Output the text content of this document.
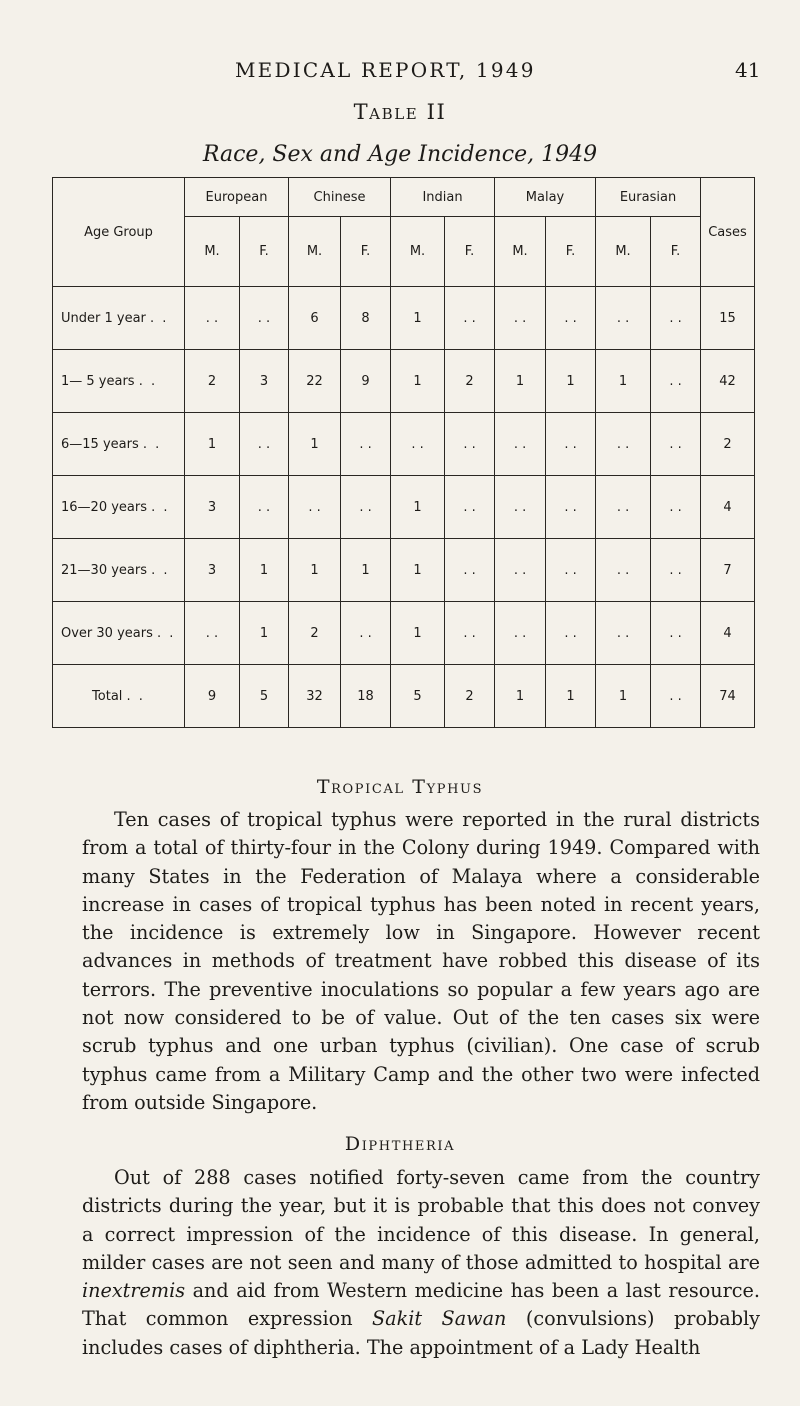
MEDICAL REPORT, 1949	41
Table II
Race, Sex and Age Incidence, 1949
Age Group	European		Chinese		Indian		Malay		Eurasian		Cases
	M.	F.	M.	F.	M.	F.	M.	F.	M.	F.	
Under 1 year . .	. .	. .	6	8	1	. .	. .	. .	. .	. .	15
1— 5 years . .	2	3	22	9	1	2	1	1	1	. .	42
6—15 years . .	1	. .	1	. .	. .	. .	. .	. .	. .	. .	2
16—20 years . .	3	. .	. .	. .	1	. .	. .	. .	. .	. .	4
21—30 years . .	3	1	1	1	1	. .	. .	. .	. .	. .	7
Over 30 years . .	. .	1	2	. .	1	. .	. .	. .	. .	. .	4
Total . .	9	5	32	18	5	2	1	1	1	. .	74
Tropical Typhus

Ten cases of tropical typhus were reported in the rural districts from a total of thirty-four in the Colony during 1949. Compared with many States in the Federation of Malaya where a considerable increase in cases of tropical typhus has been noted in recent years, the incidence is extremely low in Singapore. However recent advances in methods of treatment have robbed this disease of its terrors. The preventive inoculations so popular a few years ago are not now considered to be of value. Out of the ten cases six were scrub typhus and one urban typhus (civilian). One case of scrub typhus came from a Military Camp and the other two were infected from outside Singapore.

Diphtheria

Out of 288 cases notified forty-seven came from the country districts during the year, but it is probable that this does not convey a correct impression of the incidence of this disease. In general, milder cases are not seen and many of those admitted to hospital are inextremis and aid from Western medicine has been a last resource. That common expression Sakit Sawan (convulsions) probably includes cases of diphtheria. The appointment of a Lady Health
